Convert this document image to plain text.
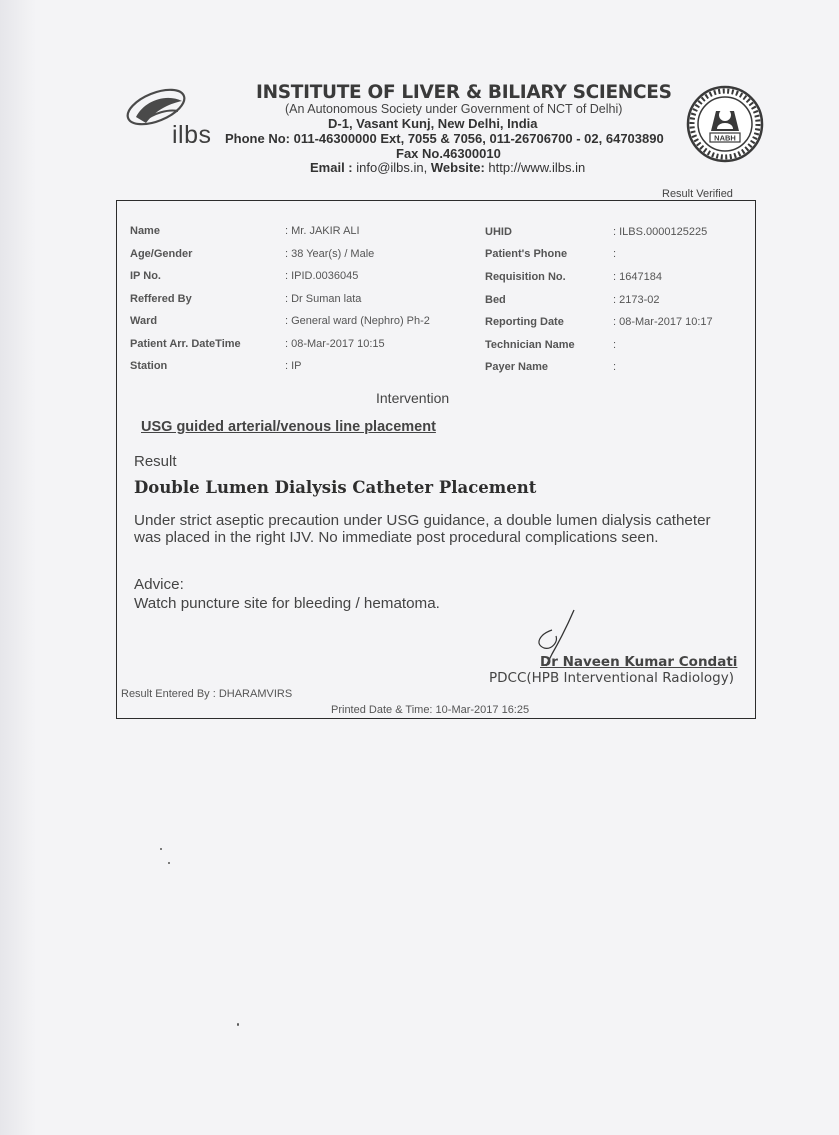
ilbs
INSTITUTE OF LIVER & BILIARY SCIENCES
(An Autonomous Society under Government of NCT of Delhi)
D-1, Vasant Kunj, New Delhi, India
Phone No: 011-46300000 Ext, 7055 & 7056, 011-26706700 - 02, 64703890
Fax No.46300010
Email : info@ilbs.in, Website: http://www.ilbs.in
NABH
Result Verified
Name	: Mr. JAKIR ALI
Age/Gender	: 38 Year(s) / Male
IP No.	: IPID.0036045
Reffered By	: Dr Suman lata
Ward	: General ward (Nephro) Ph-2
Patient Arr. DateTime	: 08-Mar-2017 10:15
Station	: IP
UHID	: ILBS.0000125225
Patient's Phone	:
Requisition No.	: 1647184
Bed	: 2173-02
Reporting Date	: 08-Mar-2017 10:17
Technician Name	:
Payer Name	:
Intervention
USG guided arterial/venous line placement
Result
Double Lumen Dialysis Catheter Placement
Under strict aseptic precaution under USG guidance, a double lumen dialysis catheter was placed in the right IJV. No immediate post procedural complications seen.
Advice:
Watch puncture site for bleeding / hematoma.
Dr Naveen Kumar Condati
PDCC(HPB Interventional Radiology)
Result Entered By : DHARAMVIRS
Printed Date & Time: 10-Mar-2017 16:25
